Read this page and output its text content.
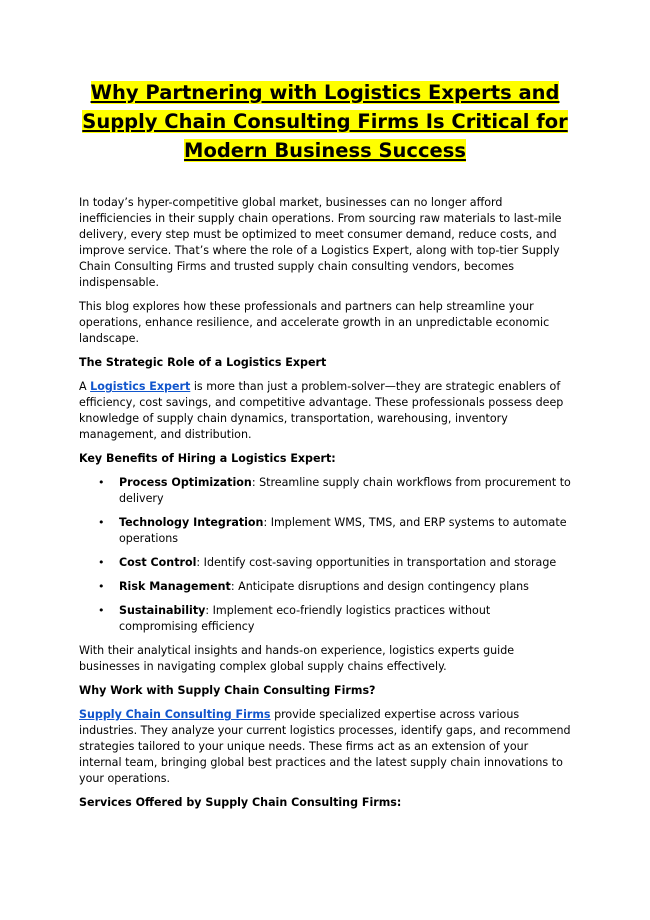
Why Partnering with Logistics Experts and Supply Chain Consulting Firms Is Critical for Modern Business Success

In today’s hyper-competitive global market, businesses can no longer afford inefficiencies in their supply chain operations. From sourcing raw materials to last-mile delivery, every step must be optimized to meet consumer demand, reduce costs, and improve service. That’s where the role of a Logistics Expert, along with top-tier Supply Chain Consulting Firms and trusted supply chain consulting vendors, becomes indispensable.

This blog explores how these professionals and partners can help streamline your operations, enhance resilience, and accelerate growth in an unpredictable economic landscape.

The Strategic Role of a Logistics Expert

A Logistics Expert is more than just a problem-solver—they are strategic enablers of efficiency, cost savings, and competitive advantage. These professionals possess deep knowledge of supply chain dynamics, transportation, warehousing, inventory management, and distribution.

Key Benefits of Hiring a Logistics Expert:
• Process Optimization: Streamline supply chain workflows from procurement to delivery
• Technology Integration: Implement WMS, TMS, and ERP systems to automate operations
• Cost Control: Identify cost-saving opportunities in transportation and storage
• Risk Management: Anticipate disruptions and design contingency plans
• Sustainability: Implement eco-friendly logistics practices without compromising efficiency

With their analytical insights and hands-on experience, logistics experts guide businesses in navigating complex global supply chains effectively.

Why Work with Supply Chain Consulting Firms?

Supply Chain Consulting Firms provide specialized expertise across various industries. They analyze your current logistics processes, identify gaps, and recommend strategies tailored to your unique needs. These firms act as an extension of your internal team, bringing global best practices and the latest supply chain innovations to your operations.

Services Offered by Supply Chain Consulting Firms:
